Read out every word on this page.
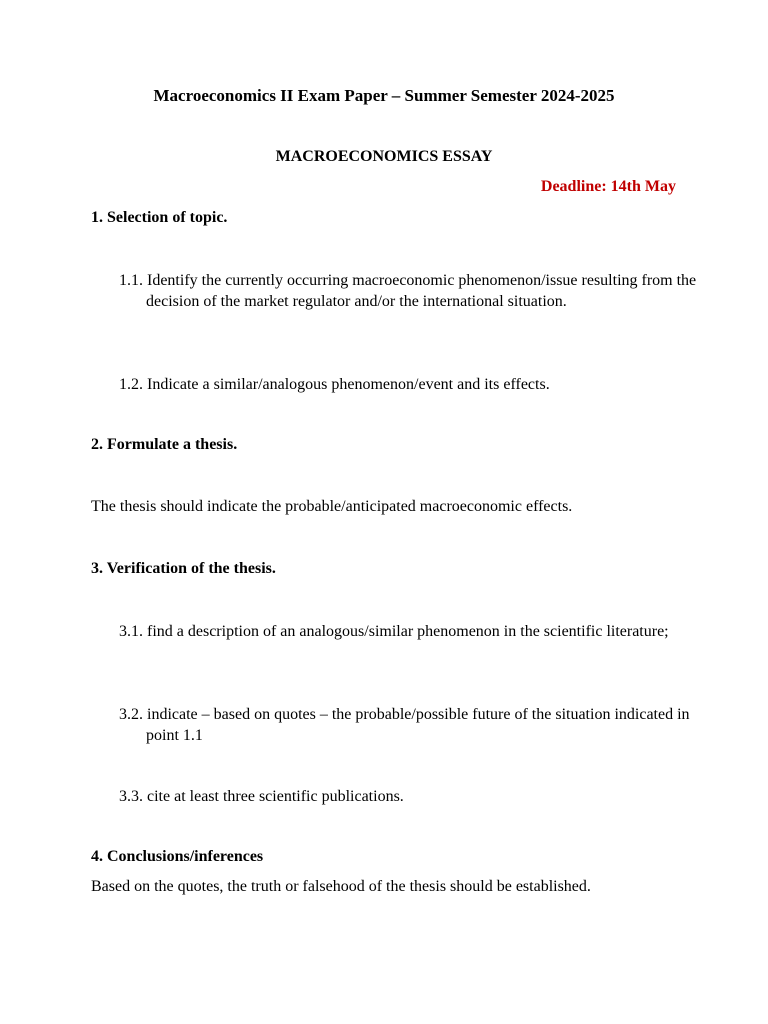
Macroeconomics II Exam Paper – Summer Semester 2024-2025
MACROECONOMICS ESSAY
Deadline: 14th May
1. Selection of topic.
1.1. Identify the currently occurring macroeconomic phenomenon/issue resulting from the decision of the market regulator and/or the international situation.
1.2. Indicate a similar/analogous phenomenon/event and its effects.
2. Formulate a thesis.
The thesis should indicate the probable/anticipated macroeconomic effects.
3. Verification of the thesis.
3.1. find a description of an analogous/similar phenomenon in the scientific literature;
3.2. indicate – based on quotes – the probable/possible future of the situation indicated in point 1.1
3.3. cite at least three scientific publications.
4. Conclusions/inferences
Based on the quotes, the truth or falsehood of the thesis should be established.
